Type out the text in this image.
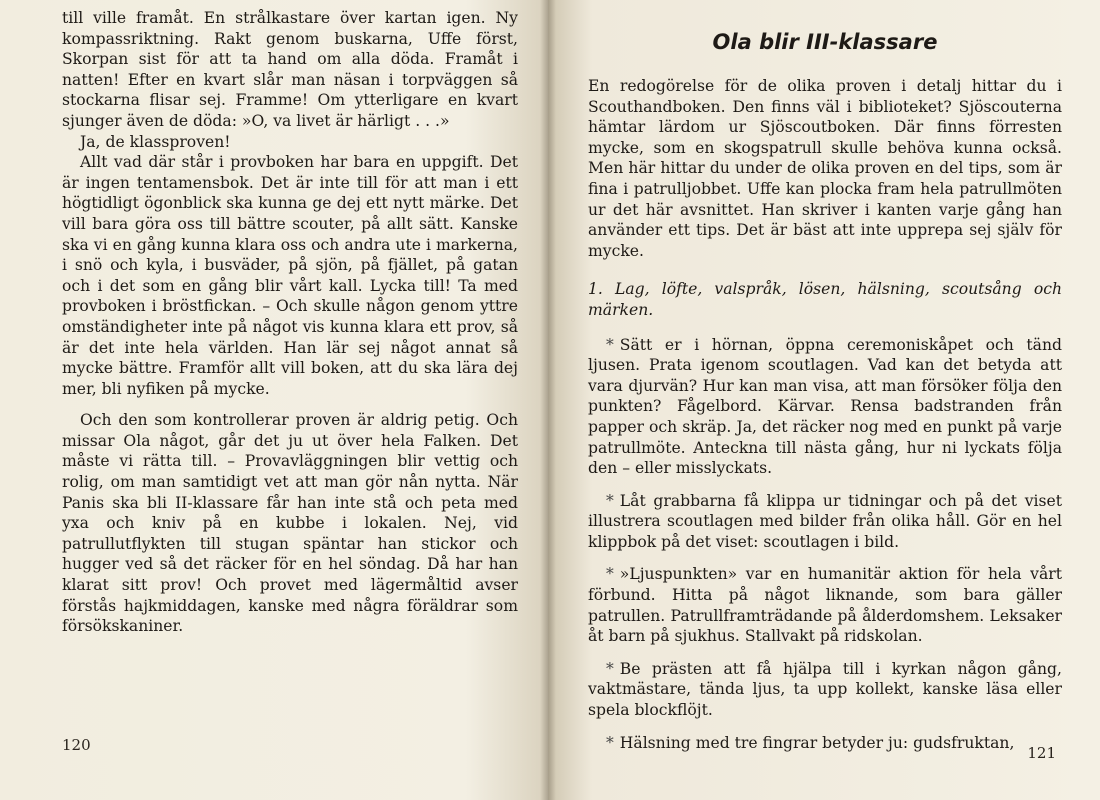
till ville framåt. En strålkastare över kartan igen. Ny kompassriktning. Rakt genom buskarna, Uffe först, Skorpan sist för att ta hand om alla döda. Framåt i natten! Efter en kvart slår man näsan i torpväggen så stockarna flisar sej. Framme! Om ytterligare en kvart sjunger även de döda: »O, va livet är härligt . . .»

Ja, de klassproven!

Allt vad där står i provboken har bara en uppgift. Det är ingen tentamensbok. Det är inte till för att man i ett högtidligt ögonblick ska kunna ge dej ett nytt märke. Det vill bara göra oss till bättre scouter, på allt sätt. Kanske ska vi en gång kunna klara oss och andra ute i markerna, i snö och kyla, i busväder, på sjön, på fjället, på gatan och i det som en gång blir vårt kall. Lycka till! Ta med provboken i bröstfickan. – Och skulle någon genom yttre omständigheter inte på något vis kunna klara ett prov, så är det inte hela världen. Han lär sej något annat så mycke bättre. Framför allt vill boken, att du ska lära dej mer, bli nyfiken på mycke.

Och den som kontrollerar proven är aldrig petig. Och missar Ola något, går det ju ut över hela Falken. Det måste vi rätta till. – Provavläggningen blir vettig och rolig, om man samtidigt vet att man gör nån nytta. När Panis ska bli II-klassare får han inte stå och peta med yxa och kniv på en kubbe i lokalen. Nej, vid patrullutflykten till stugan späntar han stickor och hugger ved så det räcker för en hel söndag. Då har han klarat sitt prov! Och provet med lägermåltid avser förstås hajkmiddagen, kanske med några föräldrar som försökskaniner.

120
Ola blir III-klassare

En redogörelse för de olika proven i detalj hittar du i Scouthandboken. Den finns väl i biblioteket? Sjöscouterna hämtar lärdom ur Sjöscoutboken. Där finns förresten mycke, som en skogspatrull skulle behöva kunna också. Men här hittar du under de olika proven en del tips, som är fina i patrulljobbet. Uffe kan plocka fram hela patrullmöten ur det här avsnittet. Han skriver i kanten varje gång han använder ett tips. Det är bäst att inte upprepa sej själv för mycke.

1. Lag, löfte, valspråk, lösen, hälsning, scoutsång och märken.

* Sätt er i hörnan, öppna ceremoniskåpet och tänd ljusen. Prata igenom scoutlagen. Vad kan det betyda att vara djurvän? Hur kan man visa, att man försöker följa den punkten? Fågelbord. Kärvar. Rensa badstranden från papper och skräp. Ja, det räcker nog med en punkt på varje patrullmöte. Anteckna till nästa gång, hur ni lyckats följa den – eller misslyckats.

* Låt grabbarna få klippa ur tidningar och på det viset illustrera scoutlagen med bilder från olika håll. Gör en hel klippbok på det viset: scoutlagen i bild.

* »Ljuspunkten» var en humanitär aktion för hela vårt förbund. Hitta på något liknande, som bara gäller patrullen. Patrullframträdande på ålderdomshem. Leksaker åt barn på sjukhus. Stallvakt på ridskolan.

* Be prästen att få hjälpa till i kyrkan någon gång, vaktmästare, tända ljus, ta upp kollekt, kanske läsa eller spela blockflöjt.

* Hälsning med tre fingrar betyder ju: gudsfruktan,

121
